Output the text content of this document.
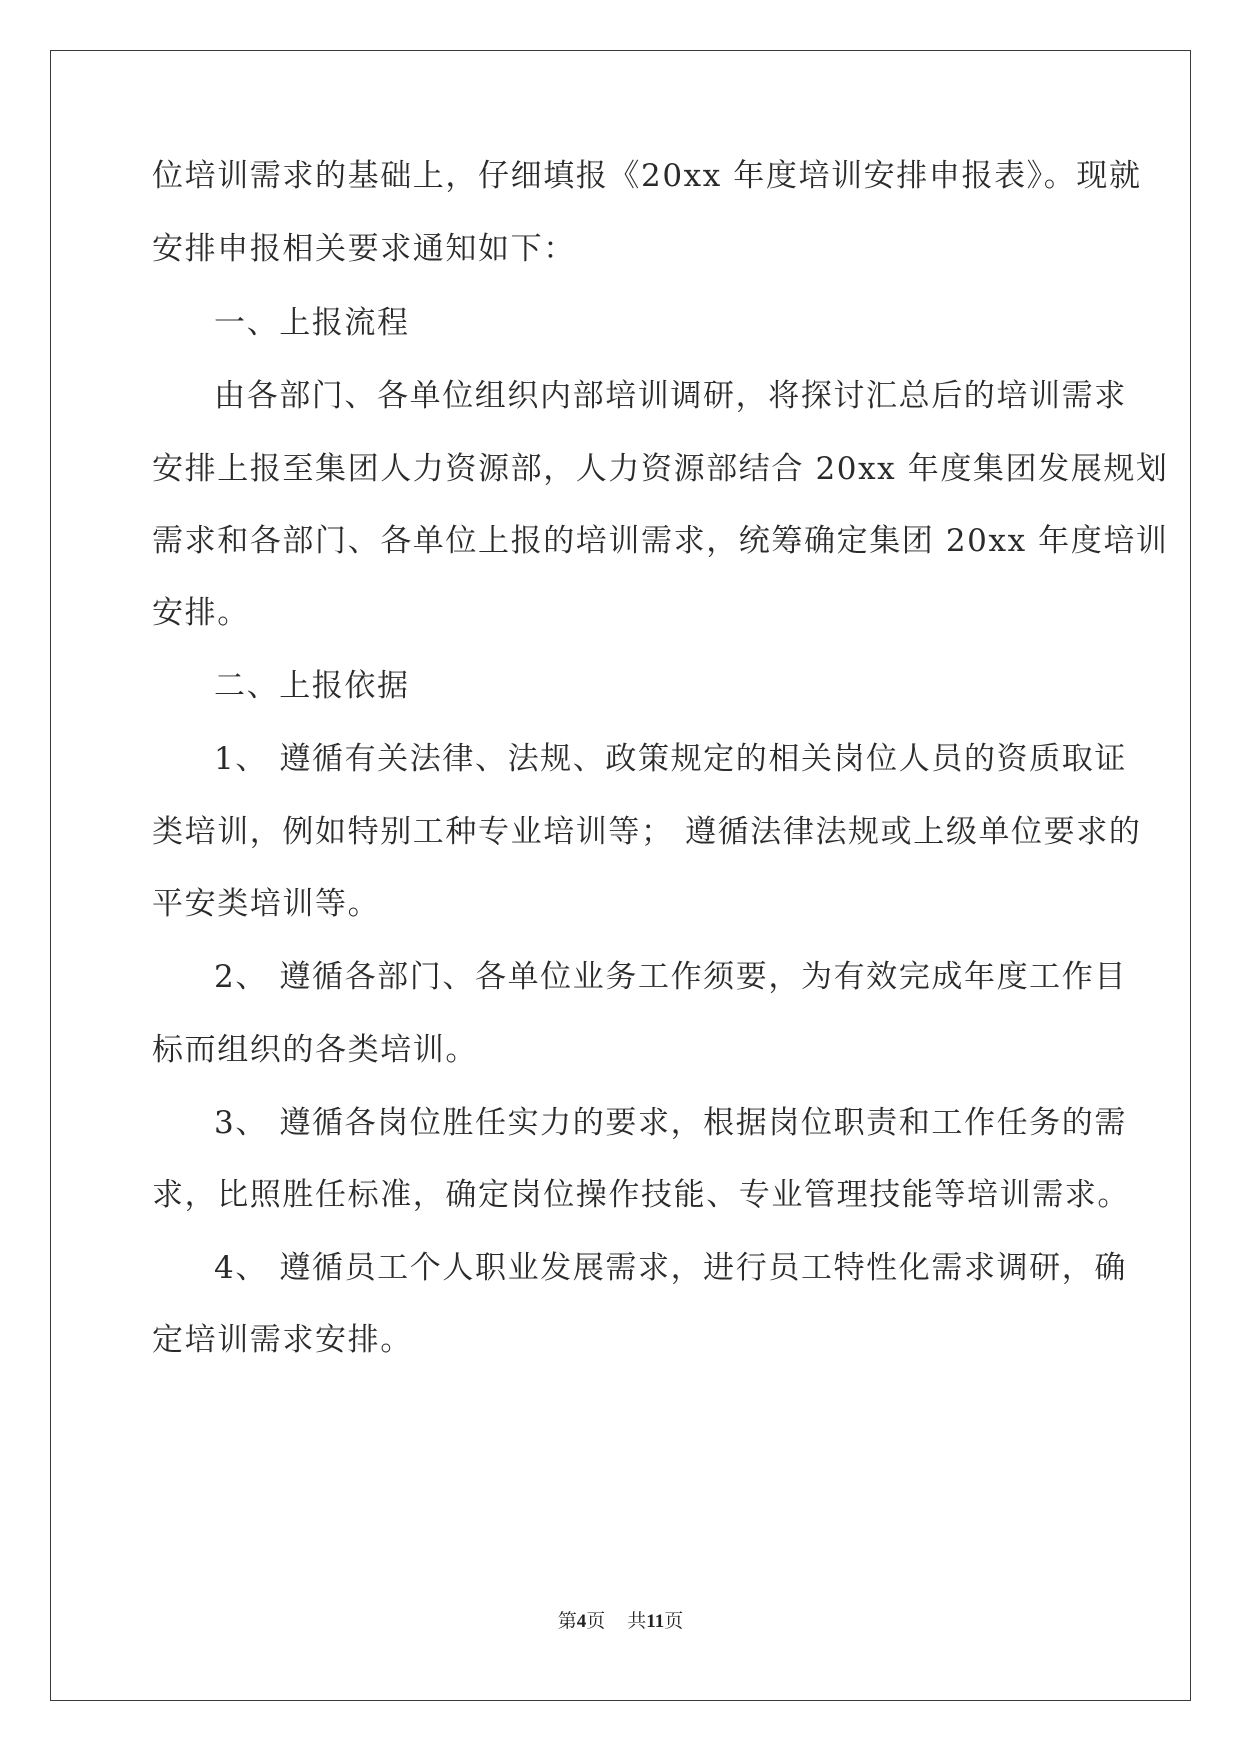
位培训需求的基础上，仔细填报《20xx 年度培训安排申报表》。现就
安排申报相关要求通知如下：
一、上报流程
由各部门、各单位组织内部培训调研，将探讨汇总后的培训需求
安排上报至集团人力资源部，人力资源部结合 20xx 年度集团发展规划
需求和各部门、各单位上报的培训需求，统筹确定集团 20xx 年度培训
安排。
二、上报依据
1、 遵循有关法律、法规、政策规定的相关岗位人员的资质取证
类培训，例如特别工种专业培训等； 遵循法律法规或上级单位要求的
平安类培训等。
2、 遵循各部门、各单位业务工作须要，为有效完成年度工作目
标而组织的各类培训。
3、 遵循各岗位胜任实力的要求，根据岗位职责和工作任务的需
求，比照胜任标准，确定岗位操作技能、专业管理技能等培训需求。
4、 遵循员工个人职业发展需求，进行员工特性化需求调研，确
定培训需求安排。
第4页 共11页
